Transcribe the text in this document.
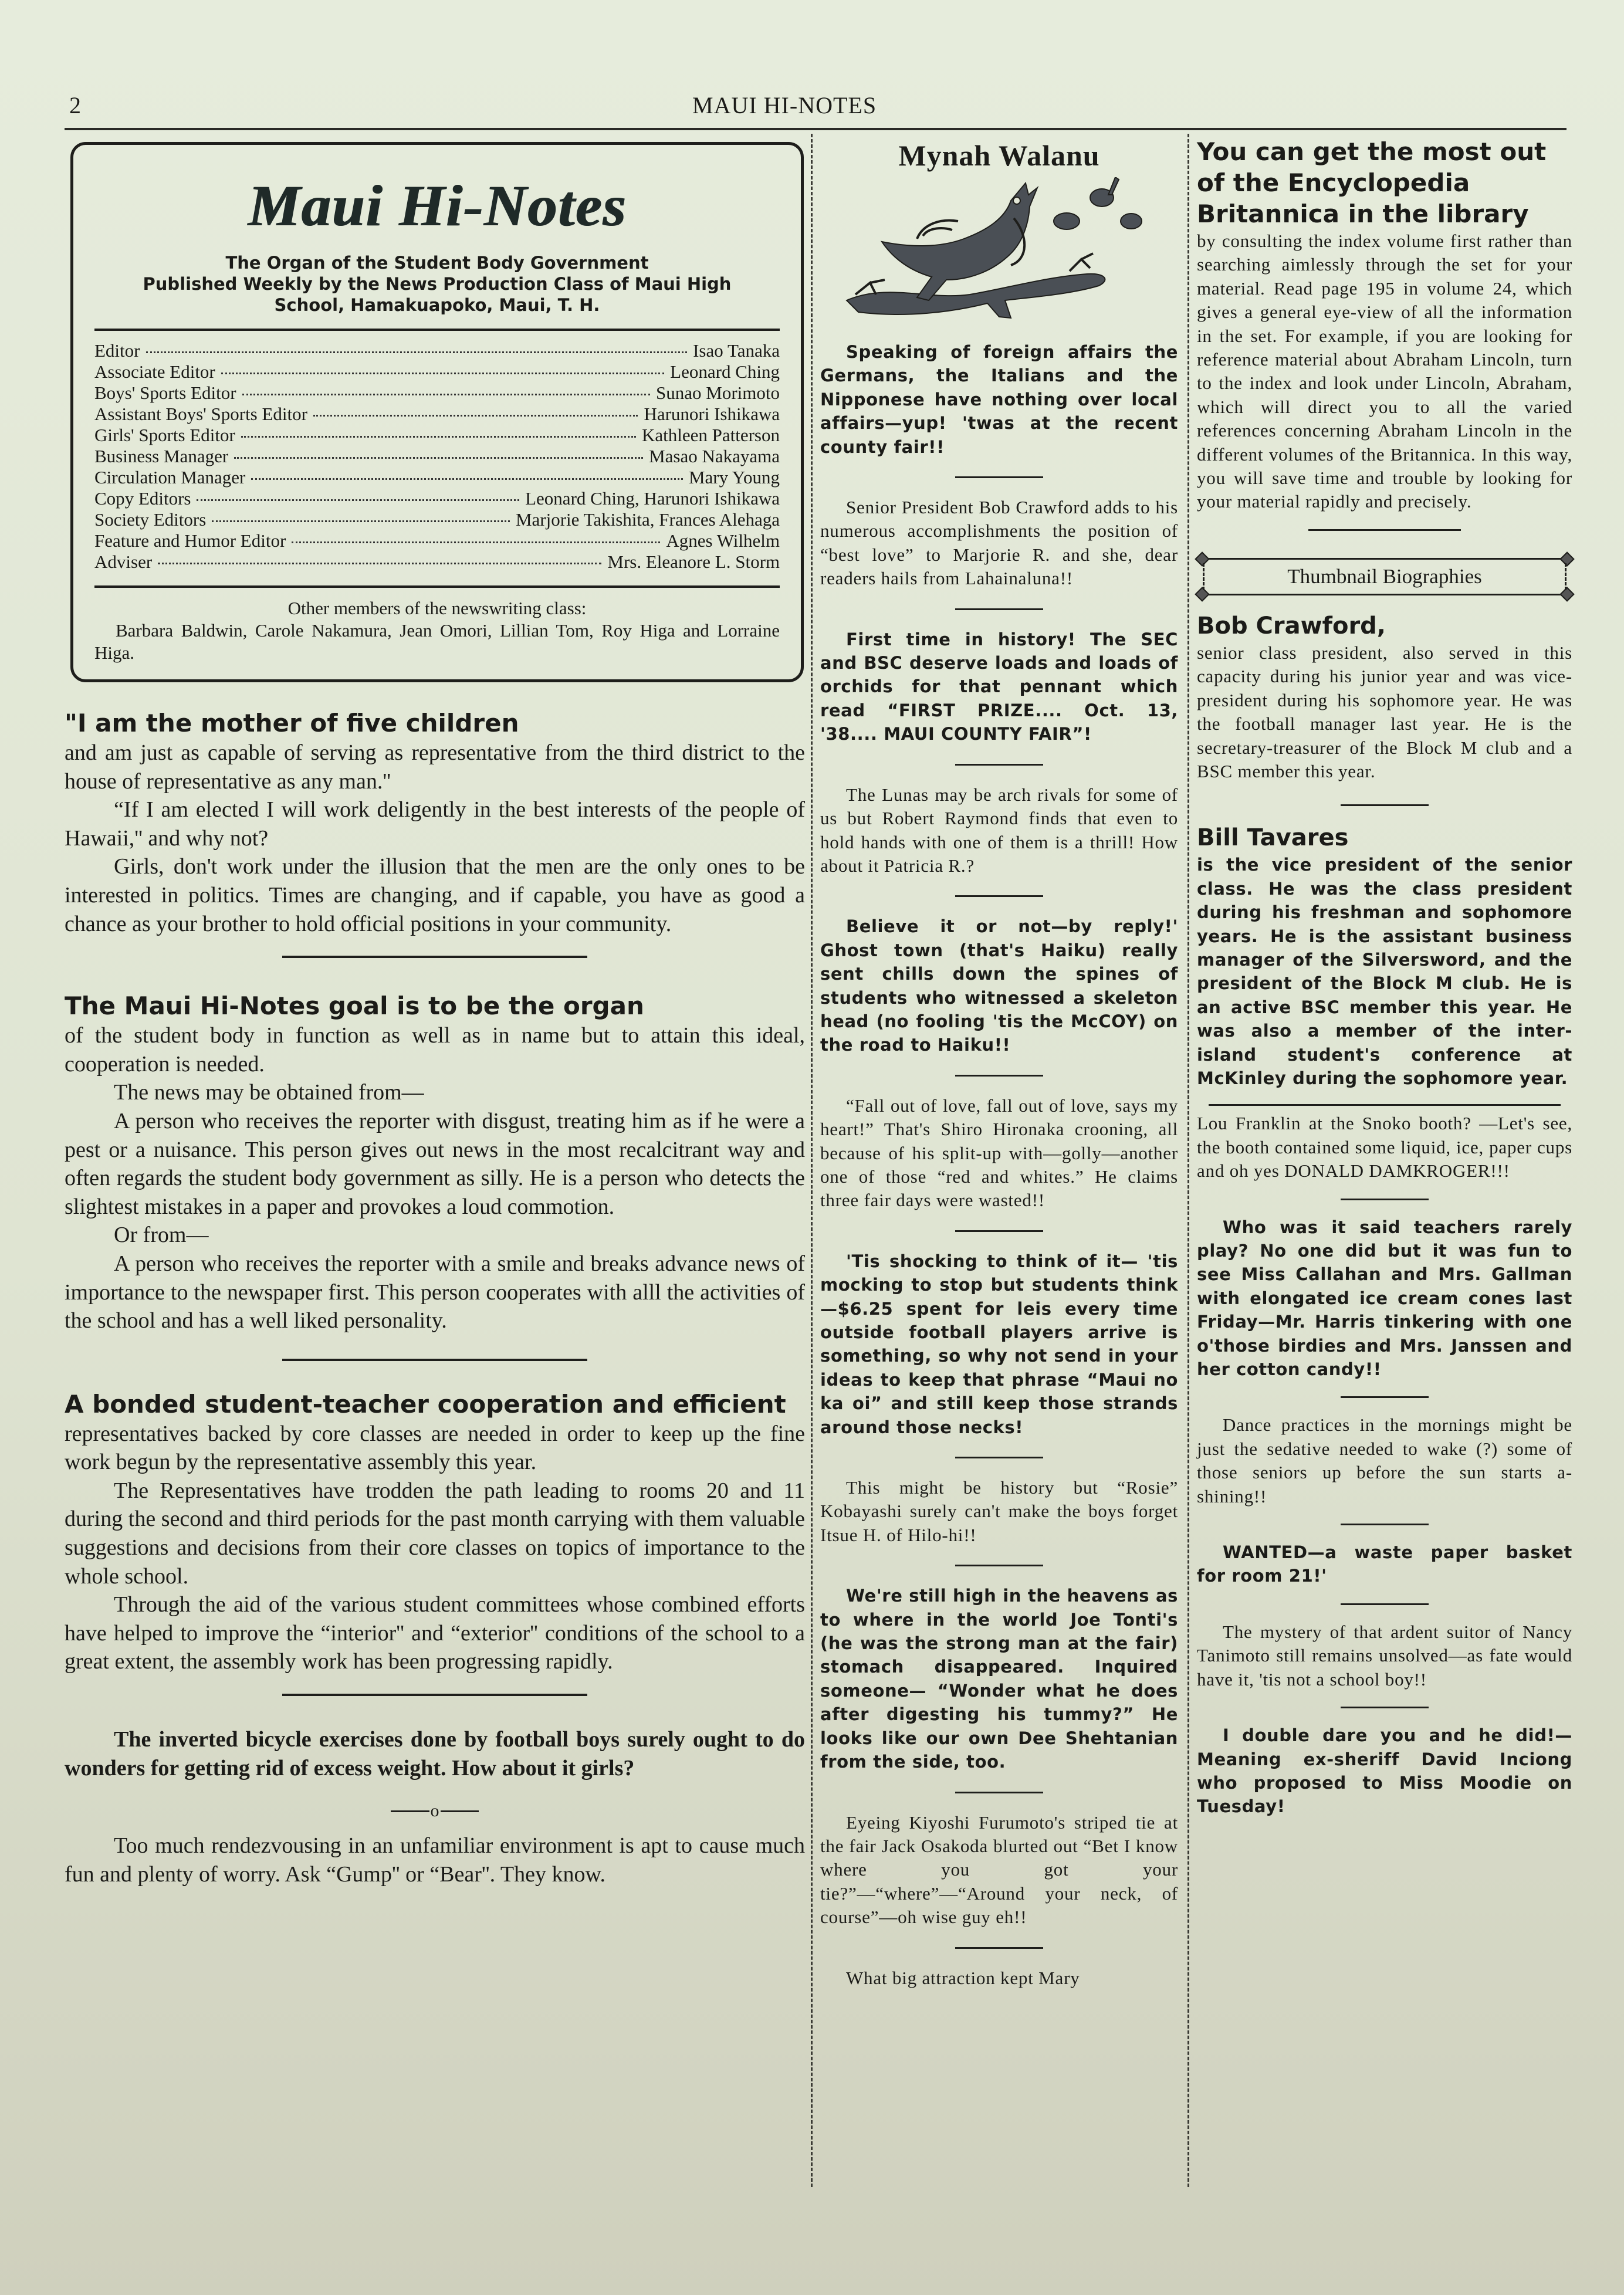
2	MAUI HI-NOTES
Maui Hi-Notes
The Organ of the Student Body Government
Published Weekly by the News Production Class of Maui High
School, Hamakuapoko, Maui, T. H.
Editor	Isao Tanaka
Associate Editor	Leonard Ching
Boys' Sports Editor	Sunao Morimoto
Assistant Boys' Sports Editor	Harunori Ishikawa
Girls' Sports Editor	Kathleen Patterson
Business Manager	Masao Nakayama
Circulation Manager	Mary Young
Copy Editors	Leonard Ching, Harunori Ishikawa
Society Editors	Marjorie Takishita, Frances Alehaga
Feature and Humor Editor	Agnes Wilhelm
Adviser	Mrs. Eleanore L. Storm
Other members of the newswriting class:
Barbara Baldwin, Carole Nakamura, Jean Omori, Lillian Tom, Roy Higa and Lorraine Higa.
"I am the mother of five children

and am just as capable of serving as representative from the third district to the house of representative as any man.''

“If I am elected I will work deligently in the best interests of the people of Hawaii,'' and why not?

Girls, don't work under the illusion that the men are the only ones to be interested in politics. Times are changing, and if capable, you have as good a chance as your brother to hold official positions in your community.

The Maui Hi-Notes goal is to be the organ

of the student body in function as well as in name but to attain this ideal, cooperation is needed.

The news may be obtained from—

A person who receives the reporter with disgust, treating him as if he were a pest or a nuisance. This person gives out news in the most recalcitrant way and often regards the student body government as silly. He is a person who detects the slightest mistakes in a paper and provokes a loud commotion.

Or from—

A person who receives the reporter with a smile and breaks advance news of importance to the newspaper first. This person cooperates with alll the activities of the school and has a well liked personality.

A bonded student-teacher cooperation and efficient

representatives backed by core classes are needed in order to keep up the fine work begun by the representative assembly this year.

The Representatives have trodden the path leading to rooms 20 and 11 during the second and third periods for the past month carrying with them valuable suggestions and decisions from their core classes on topics of importance to the whole school.

Through the aid of the various student committees whose combined efforts have helped to improve the “interior'' and “exterior'' conditions of the school to a great extent, the assembly work has been progressing rapidly.

The inverted bicycle exercises done by football boys surely ought to do wonders for getting rid of excess weight. How about it girls?

o

Too much rendezvousing in an unfamiliar environment is apt to cause much fun and plenty of worry. Ask “Gump'' or “Bear''. They know.

Mynah Walanu

Speaking of foreign affairs the Germans, the Italians and the Nipponese have nothing over local affairs—yup! 'twas at the recent county fair!!

Senior President Bob Crawford adds to his numerous accomplishments the position of “best love” to Marjorie R. and she, dear readers hails from Lahainaluna!!

First time in history! The SEC and BSC deserve loads and loads of orchids for that pennant which read “FIRST PRIZE.... Oct. 13, '38.... MAUI COUNTY FAIR”!

The Lunas may be arch rivals for some of us but Robert Raymond finds that even to hold hands with one of them is a thrill! How about it Patricia R.?

Believe it or not—by reply!' Ghost town (that's Haiku) really sent chills down the spines of students who witnessed a skeleton head (no fooling 'tis the McCOY) on the road to Haiku!!

“Fall out of love, fall out of love, says my heart!” That's Shiro Hironaka crooning, all because of his split-up with—golly—another one of those “red and whites.” He claims three fair days were wasted!!

'Tis shocking to think of it— 'tis mocking to stop but students think —$6.25 spent for leis every time outside football players arrive is something, so why not send in your ideas to keep that phrase “Maui no ka oi” and still keep those strands around those necks!

This might be history but “Rosie” Kobayashi surely can't make the boys forget Itsue H. of Hilo-hi!!

We're still high in the heavens as to where in the world Joe Tonti's (he was the strong man at the fair) stomach disappeared. Inquired someone— “Wonder what he does after digesting his tummy?” He looks like our own Dee Shehtanian from the side, too.

Eyeing Kiyoshi Furumoto's striped tie at the fair Jack Osakoda blurted out “Bet I know where you got your tie?”—“where”—“Around your neck, of course”—oh wise guy eh!!

What big attraction kept Mary

You can get the most out of the Encyclopedia Britannica in the library

by consulting the index volume first rather than searching aimlessly through the set for your material. Read page 195 in volume 24, which gives a general eye-view of all the information in the set. For example, if you are looking for reference material about Abraham Lincoln, turn to the index and look under Lincoln, Abraham, which will direct you to all the varied references concerning Abraham Lincoln in the different volumes of the Britannica. In this way, you will save time and trouble by looking for your material rapidly and precisely.

Thumbnail Biographies
Bob Crawford,

senior class president, also served in this capacity during his junior year and was vice-president during his sophomore year. He was the football manager last year. He is the secretary-treasurer of the Block M club and a BSC member this year.

Bill Tavares

is the vice president of the senior class. He was the class president during his freshman and sophomore years. He is the assistant business manager of the Silversword, and the president of the Block M club. He is an active BSC member this year. He was also a member of the inter-island student's conference at McKinley during the sophomore year.

Lou Franklin at the Snoko booth? —Let's see, the booth contained some liquid, ice, paper cups and oh yes DONALD DAMKROGER!!!

Who was it said teachers rarely play? No one did but it was fun to see Miss Callahan and Mrs. Gallman with elongated ice cream cones last Friday—Mr. Harris tinkering with one o'those birdies and Mrs. Janssen and her cotton candy!!

Dance practices in the mornings might be just the sedative needed to wake (?) some of those seniors up before the sun starts a-shining!!

WANTED—a waste paper basket for room 21!'

The mystery of that ardent suitor of Nancy Tanimoto still remains unsolved—as fate would have it, 'tis not a school boy!!

I double dare you and he did!— Meaning ex-sheriff David Inciong who proposed to Miss Moodie on Tuesday!
